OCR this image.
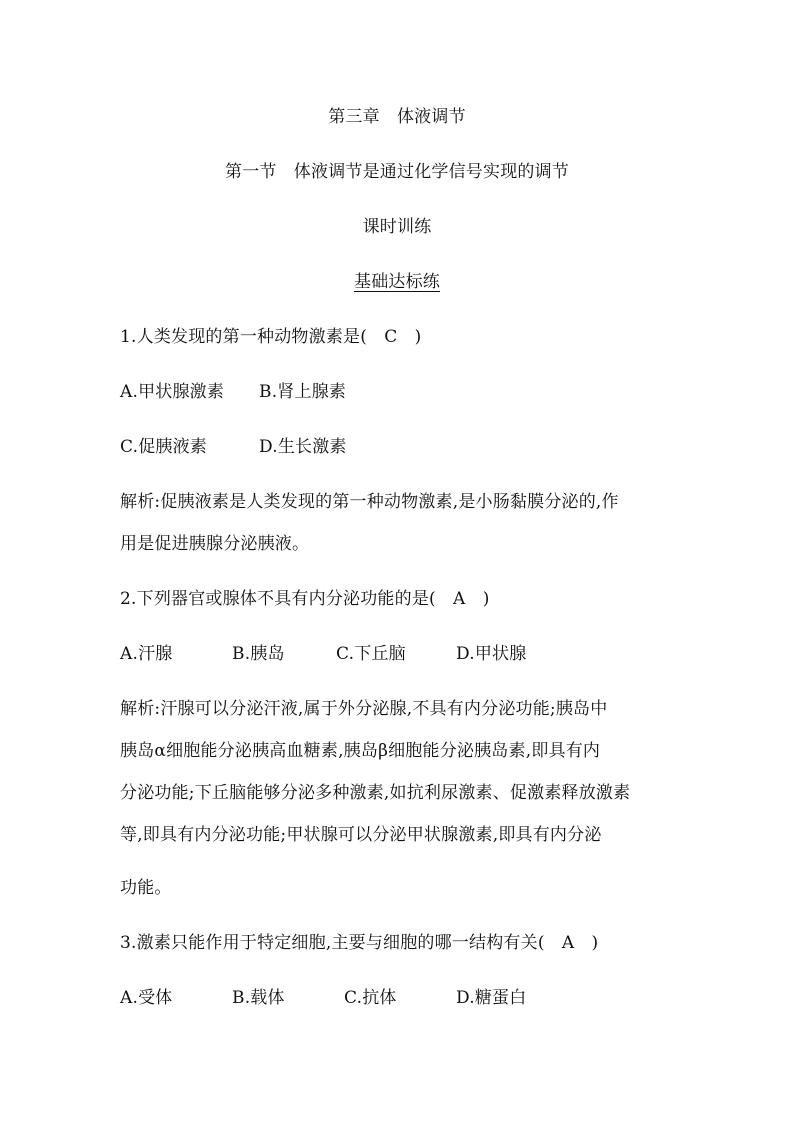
第三章　体液调节
第一节　体液调节是通过化学信号实现的调节
课时训练
基础达标练
1.人类发现的第一种动物激素是(　C　)
A.甲状腺激素 B.肾上腺素
C.促胰液素	D.生长激素
解析:促胰液素是人类发现的第一种动物激素,是小肠黏膜分泌的,作
用是促进胰腺分泌胰液。
2.下列器官或腺体不具有内分泌功能的是(　A　)
A.汗腺	B.胰岛	C.下丘脑	D.甲状腺
解析:汗腺可以分泌汗液,属于外分泌腺,不具有内分泌功能;胰岛中
胰岛α细胞能分泌胰高血糖素,胰岛β细胞能分泌胰岛素,即具有内
分泌功能;下丘脑能够分泌多种激素,如抗利尿激素、促激素释放激素
等,即具有内分泌功能;甲状腺可以分泌甲状腺激素,即具有内分泌
功能。
3.激素只能作用于特定细胞,主要与细胞的哪一结构有关(　A　)
A.受体	B.载体	C.抗体	D.糖蛋白
